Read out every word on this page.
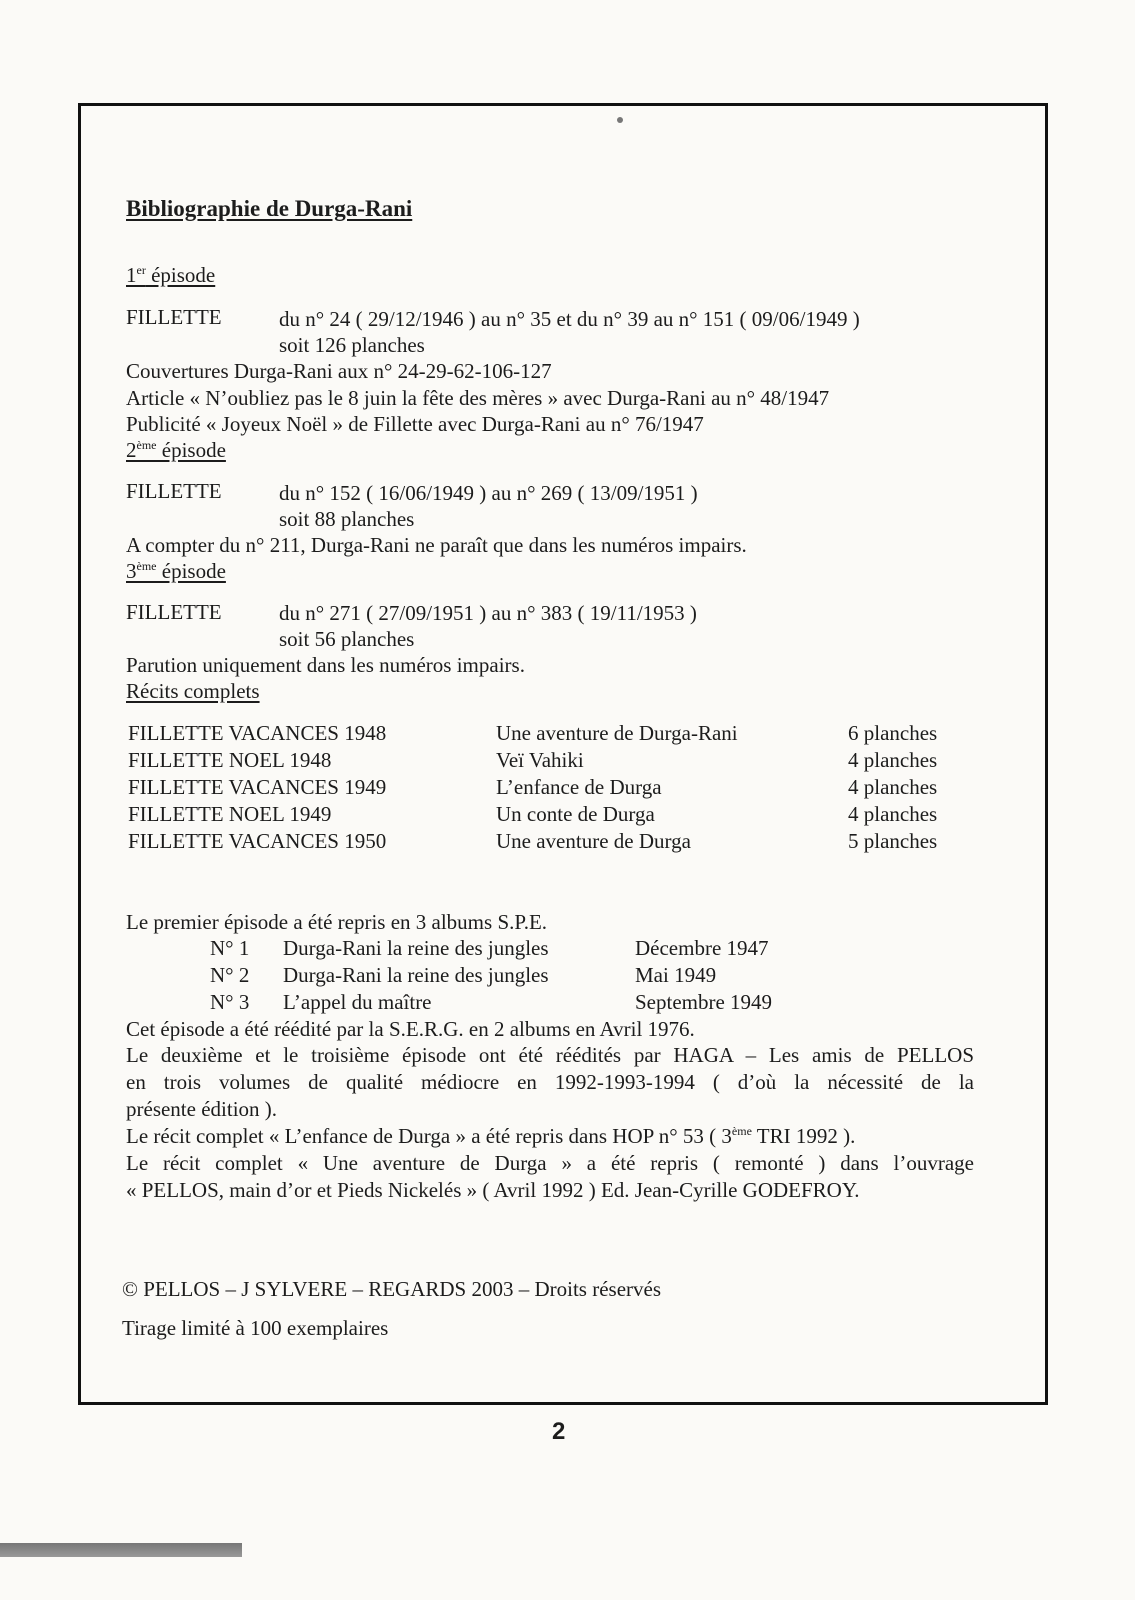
Bibliographie de Durga-Rani
1er épisode
FILLETTE	du n° 24 ( 29/12/1946 ) au n° 35 et du n° 39 au n° 151 ( 09/06/1949 )
soit 126 planches
Couvertures Durga-Rani aux n° 24-29-62-106-127
Article « N’oubliez pas le 8 juin la fête des mères » avec Durga-Rani au n° 48/1947
Publicité « Joyeux Noël » de Fillette avec Durga-Rani au n° 76/1947
2ème épisode
FILLETTE	du n° 152 ( 16/06/1949 ) au n° 269 ( 13/09/1951 )
soit 88 planches
A compter du n° 211, Durga-Rani ne paraît que dans les numéros impairs.
3ème épisode
FILLETTE	du n° 271 ( 27/09/1951 ) au n° 383 ( 19/11/1953 )
soit 56 planches
Parution uniquement dans les numéros impairs.
Récits complets
FILLETTE VACANCES 1948	Une aventure de Durga-Rani	6 planches
FILLETTE NOEL 1948	Veï Vahiki	4 planches
FILLETTE VACANCES 1949	L’enfance de Durga	4 planches
FILLETTE NOEL 1949	Un conte de Durga	4 planches
FILLETTE VACANCES 1950	Une aventure de Durga	5 planches
Le premier épisode a été repris en 3 albums S.P.E.
N° 1 Durga-Rani la reine des jungles	Décembre 1947
N° 2 Durga-Rani la reine des jungles	Mai 1949
N° 3 L’appel du maître	Septembre 1949
Cet épisode a été réédité par la S.E.R.G. en 2 albums en Avril 1976.
Le deuxième et le troisième épisode ont été réédités par HAGA – Les amis de PELLOS
en trois volumes de qualité médiocre en 1992-1993-1994 ( d’où la nécessité de la
présente édition ).
Le récit complet « L’enfance de Durga » a été repris dans HOP n° 53 ( 3ème TRI 1992 ).
Le récit complet « Une aventure de Durga » a été repris ( remonté ) dans l’ouvrage
« PELLOS, main d’or et Pieds Nickelés » ( Avril 1992 ) Ed. Jean-Cyrille GODEFROY.
© PELLOS – J SYLVERE – REGARDS 2003 – Droits réservés
Tirage limité à 100 exemplaires
2
